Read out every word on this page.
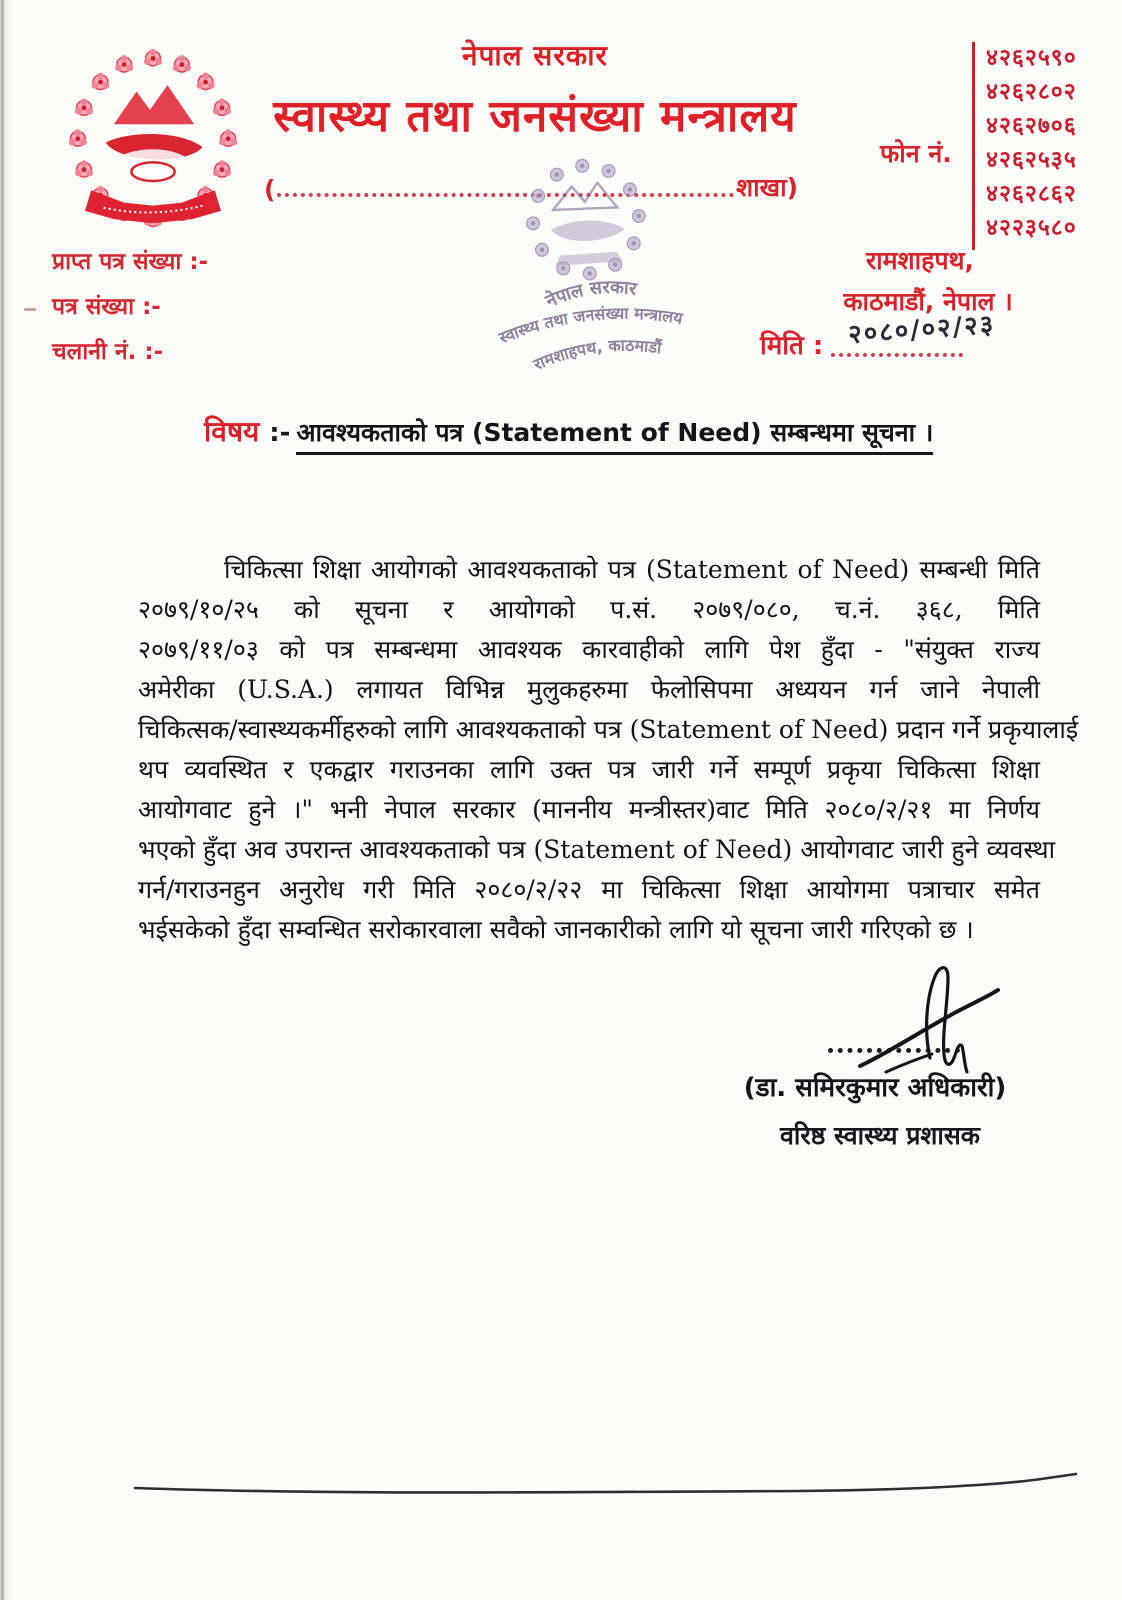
नेपाल सरकार
स्वास्थ्य तथा जनसंख्या मन्त्रालय
फोन नं.
४२६२५९०
४२६२८०२
४२६२७०६
४२६२५३५
४२६२८६२
४२२३५८०
(	शाखा)
नेपाल सरकार
स्वास्थ्य तथा जनसंख्या मन्त्रालय
रामशाहपथ, काठमाडौं
प्राप्त पत्र संख्या :-
पत्र संख्या :-
चलानी नं. :-
रामशाहपथ,
काठमाडौं, नेपाल ।
मिति : २०८०/०२/२३
विषय :- आवश्यकताको पत्र (Statement of Need) सम्बन्धमा सूचना ।
चिकित्सा शिक्षा आयोगको आवश्यकताको पत्र (Statement of Need) सम्बन्धी मिति
२०७९/१०/२५ को सूचना र आयोगको प.सं. २०७९/०८०, च.नं. ३६८, मिति
२०७९/११/०३ को पत्र सम्बन्धमा आवश्यक कारवाहीको लागि पेश हुँदा - "संयुक्त राज्य
अमेरीका (U.S.A.) लगायत विभिन्न मुलुकहरुमा फेलोसिपमा अध्ययन गर्न जाने नेपाली
चिकित्सक/स्वास्थ्यकर्मीहरुको लागि आवश्यकताको पत्र (Statement of Need) प्रदान गर्ने प्रकृयालाई
थप व्यवस्थित र एकद्वार गराउनका लागि उक्त पत्र जारी गर्ने सम्पूर्ण प्रकृया चिकित्सा शिक्षा
आयोगवाट हुने ।" भनी नेपाल सरकार (माननीय मन्त्रीस्तर)वाट मिति २०८०/२/२१ मा निर्णय
भएको हुँदा अव उपरान्त आवश्यकताको पत्र (Statement of Need) आयोगवाट जारी हुने व्यवस्था
गर्न/गराउनहुन अनुरोध गरी मिति २०८०/२/२२ मा चिकित्सा शिक्षा आयोगमा पत्राचार समेत
भईसकेको हुँदा सम्वन्धित सरोकारवाला सवैको जानकारीको लागि यो सूचना जारी गरिएको छ ।
(डा. समिरकुमार अधिकारी)
वरिष्ठ स्वास्थ्य प्रशासक
